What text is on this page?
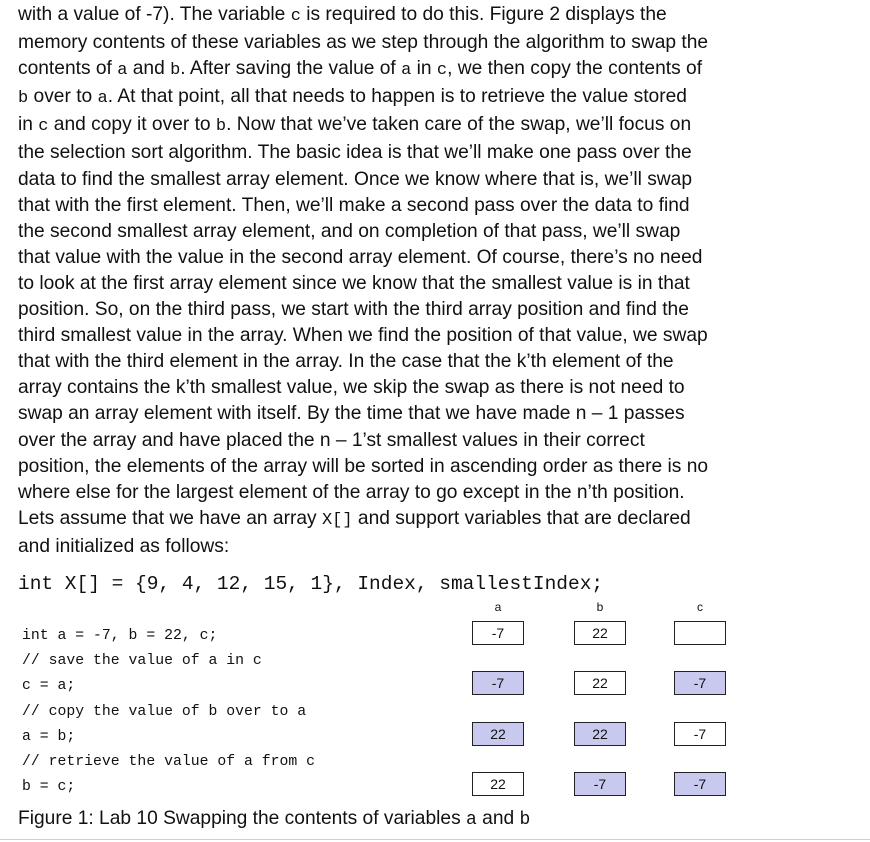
with a value of -7). The variable c is required to do this. Figure 2 displays the
memory contents of these variables as we step through the algorithm to swap the
contents of a and b. After saving the value of a in c, we then copy the contents of
b over to a. At that point, all that needs to happen is to retrieve the value stored
in c and copy it over to b. Now that we’ve taken care of the swap, we’ll focus on
the selection sort algorithm. The basic idea is that we’ll make one pass over the
data to find the smallest array element. Once we know where that is, we’ll swap
that with the first element. Then, we’ll make a second pass over the data to find
the second smallest array element, and on completion of that pass, we’ll swap
that value with the value in the second array element. Of course, there’s no need
to look at the first array element since we know that the smallest value is in that
position. So, on the third pass, we start with the third array position and find the
third smallest value in the array. When we find the position of that value, we swap
that with the third element in the array. In the case that the k’th element of the
array contains the k’th smallest value, we skip the swap as there is not need to
swap an array element with itself. By the time that we have made n – 1 passes
over the array and have placed the n – 1’st smallest values in their correct
position, the elements of the array will be sorted in ascending order as there is no
where else for the largest element of the array to go except in the n’th position.
Lets assume that we have an array X[] and support variables that are declared
and initialized as follows:
int X[] = {9, 4, 12, 15, 1}, Index, smallestIndex;
int a = -7, b = 22, c;
// save the value of a in c
c = a;
// copy the value of b over to a
a = b;
// retrieve the value of a from c
b = c;
a	b	c
-7	22
-7	22	-7
22	22	-7
22	-7	-7
Figure 1: Lab 10 Swapping the contents of variables a and b
